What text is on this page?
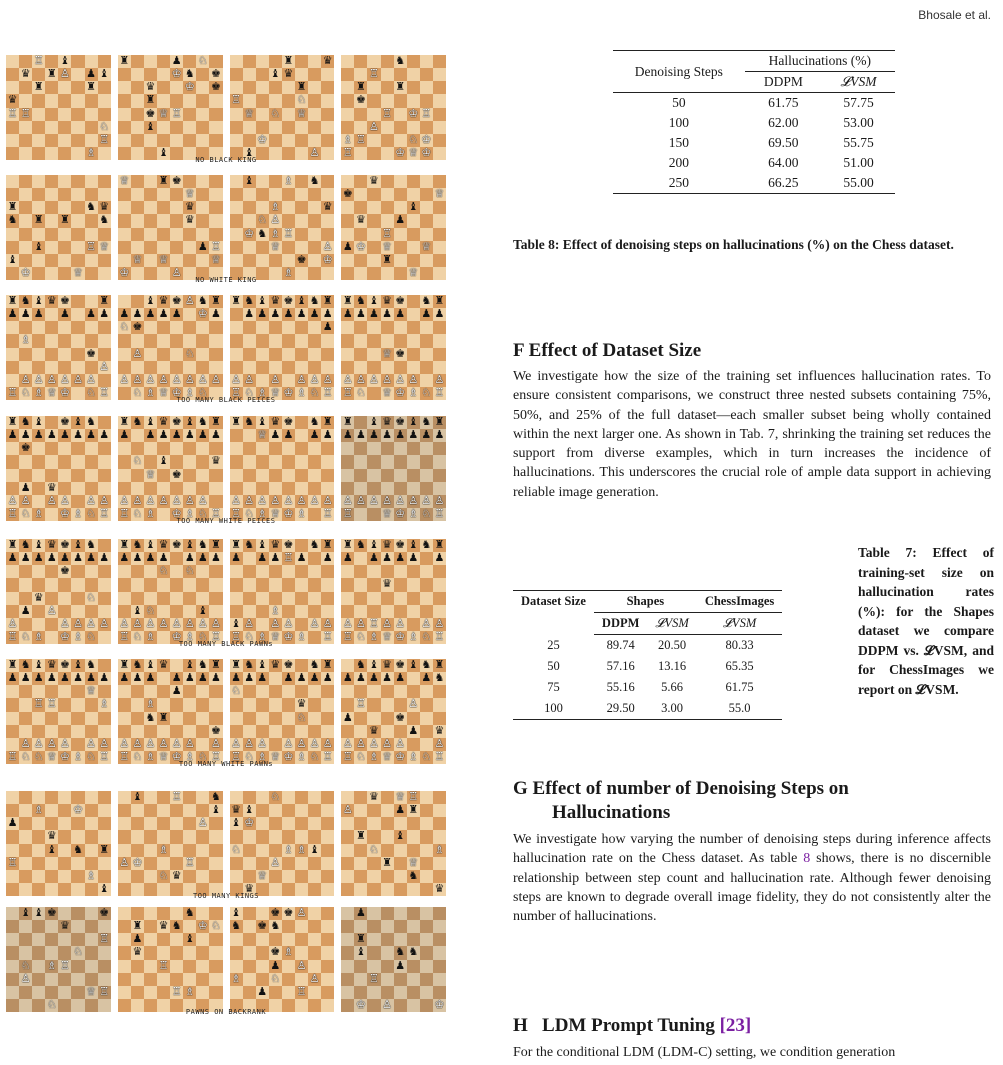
Bhosale et al.
♖ ♝
♛ ♜ ♙ ♟ ♝
♜	♜
♛
♖ ♖
♘
♖
♗
♜	♟ ♘
♔ ♞ ♚
♛	♔ ♚
♜
♚ ♕ ♖
♝
♝
♜	♛
♝ ♛
♜
♖	♘
♕ ♘ ♕
♔
♝	♙
♞
♖
♜	♜
♚
♖ ♔ ♖
♙
♗ ♖	♘ ♔
♖	♔ ♕ ♔
NO BLACK KING
♜	♞ ♛
♞ ♜ ♜	♞
♝	♖ ♕
♝
♔	♕
♕	♜ ♚
♕
♛
♛
♟ ♖
♕ ♕	♕
♔	♙
♝	♗ ♞
♗	♛
♘ ♙
♔ ♞ ♗ ♖
♕	♙
♚ ♔
♗
♛
♚	♕
♝
♛	♟
♖
♟ ♔ ♕	♕
♜
♕
NO WHITE KING
♜ ♞ ♝ ♛ ♚	♜
♟ ♟ ♟ ♟ ♟ ♟
♗
♚
♙
♙ ♙ ♙ ♙ ♙ ♙
♖ ♘ ♗ ♕ ♔ ♘ ♖
♝ ♛ ♚ ♙ ♞ ♜
♟ ♟ ♟ ♟ ♟ ♔ ♟
♘ ♚
♙	♘
♙ ♙ ♙ ♙ ♙ ♙ ♙ ♙
♘ ♗ ♕ ♔ ♗ ♘
♜ ♞ ♝ ♛ ♚ ♝ ♞ ♜
♟ ♟ ♟ ♟ ♟ ♟ ♟
♟
♙ ♙ ♙ ♙ ♙ ♙
♖ ♘ ♗ ♕ ♔ ♗ ♘ ♖
♜ ♞ ♝ ♛ ♚ ♞ ♜
♟ ♟ ♟ ♟ ♟ ♟ ♟
♕ ♚
♙ ♙ ♙ ♙ ♙ ♙ ♙
♖ ♘ ♕ ♔ ♗ ♘ ♖
TOO MANY BLACK PEICES
♜ ♞ ♝ ♚ ♝ ♞
♟ ♟ ♟ ♟ ♟ ♟ ♟ ♟
♚
♟ ♛
♙ ♙ ♙ ♙ ♙ ♙
♖ ♘ ♗ ♔ ♗ ♘ ♖
♜ ♞ ♝ ♛ ♚ ♝ ♞ ♜
♟ ♟ ♟ ♟ ♟ ♟ ♟
♘ ♝	♛
♕ ♚
♙ ♙ ♙ ♙ ♙ ♙ ♙
♖ ♘ ♗ ♔ ♗ ♘ ♖
♜ ♞ ♝ ♛ ♚ ♞ ♜
♕ ♟ ♟ ♟ ♟
♙ ♙ ♙ ♙ ♙ ♙ ♙ ♙
♖ ♘ ♗ ♕ ♔ ♗ ♖
♜ ♝ ♛ ♚ ♝ ♞ ♜
♟ ♟ ♟ ♟ ♟ ♟ ♟ ♟
♙ ♙ ♙ ♙ ♙ ♙ ♙ ♙
♖	♕ ♔ ♗ ♘ ♖
TOO MANY WHITE PEICES
♜ ♞ ♝ ♛ ♚ ♝ ♞
♟ ♟ ♟ ♟ ♟ ♟ ♟ ♟
♚
♛	♘
♟ ♙
♙	♙ ♙ ♙ ♙
♖ ♘ ♗ ♔ ♗ ♘
♜ ♞ ♝ ♛ ♚ ♝ ♞ ♜
♟ ♟ ♟ ♟ ♟ ♟ ♟
♘ ♘
♝ ♘	♝
♙ ♙ ♙ ♙ ♙ ♙ ♙ ♙
♖ ♘ ♗ ♔ ♗ ♘ ♖
♜ ♞ ♝ ♛ ♚ ♞ ♜
♟ ♟ ♟ ♖ ♟ ♟
♗
♝ ♙ ♙ ♙ ♙ ♙
♖ ♘ ♗ ♕ ♔ ♗ ♖
♜ ♞ ♝ ♛ ♚ ♝ ♞ ♜
♟ ♟ ♟ ♟ ♟ ♟
♛
♙ ♙ ♖ ♙ ♙ ♙ ♙
♖ ♘ ♗ ♕ ♔ ♗ ♘ ♖
TOO MANY BLACK PAWNs
♜ ♞ ♝ ♛ ♚ ♝ ♞
♟ ♟ ♟ ♟ ♟ ♟ ♟ ♟
♕
♖ ♖	♗
♙ ♙ ♙ ♙ ♙ ♙
♖ ♘ ♘ ♕ ♔ ♗ ♘ ♖
♜ ♞ ♝ ♛ ♝ ♞ ♜
♟ ♟ ♟ ♟ ♟ ♟ ♟
♟
♗
♞ ♜
♚
♙ ♙ ♙ ♙ ♙ ♙ ♙
♖ ♘ ♗ ♕ ♔ ♗ ♘ ♖
♜ ♞ ♝ ♛ ♚ ♞ ♜
♟ ♟ ♟ ♟ ♟ ♟ ♟
♘
♛
♘
♙ ♙ ♙ ♙ ♙ ♙ ♙
♖ ♘ ♗ ♕ ♔ ♗ ♘ ♖
♞ ♝ ♛ ♚ ♝ ♞ ♜
♟ ♟ ♟ ♟ ♟ ♟ ♞
♖	♙
♟	♚
♛	♟ ♛
♙ ♙ ♙ ♙ ♙	♙
♖ ♘ ♗ ♕ ♔ ♗ ♘ ♖
TOO MANY WHITE PAWNs
♗	♔
♟
♛
♝ ♞ ♜
♖
♗
♝
♝	♖	♞
♝
♙
♗
♙ ♔	♖
♘ ♛
♘
♛ ♝
♝ ♔
♘	♗ ♗ ♝
♙
♕
♛
♛ ♕ ♖
♙	♟ ♜
♜	♝
♘	♗
♜ ♕
♞
♛
TOO MANY KINGS
♝ ♝ ♚	♚
♛
♖
♘
♘ ♗ ♖
♙
♕ ♖
♘
♞
♜ ♛ ♞ ♔ ♘
♟	♝
♛
♖
♖ ♗
♝	♚ ♚ ♙
♞ ♚ ♞
♚ ♗
♟ ♙
♗	♘	♙
♟	♖
♟
♜
♝	♞ ♞
♟
♖
♔ ♙	♔
PAWNS ON BACKRANK
Denoising Steps	Hallucinations (%)	
	DDPM	𝓛VSM
50	61.75	57.75
100	62.00	53.00
150	69.50	55.75
200	64.00	51.00
250	66.25	55.00
Table 8: Effect of denoising steps on hallucinations (%) on the Chess dataset.
F Effect of Dataset Size
We investigate how the size of the training set influences hallucination rates. To ensure consistent comparisons, we construct three nested subsets containing 75%, 50%, and 25% of the full dataset—each smaller subset being wholly contained within the next larger one. As shown in Tab. 7, shrinking the training set reduces the support from diverse examples, which in turn increases the incidence of hallucinations. This underscores the crucial role of ample data support in achieving reliable image generation.
Dataset Size	Shapes		ChessImages
	DDPM	𝓛VSM	𝓛VSM
25	89.74	20.50	80.33
50	57.16	13.16	65.35
75	55.16	5.66	61.75
100	29.50	3.00	55.0
Table 7: Effect of training-set size on hallucination rates (%): for the Shapes dataset we compare DDPM vs. 𝓛VSM, and for ChessImages we report on 𝓛VSM.
G Effect of number of Denoising Steps on
Hallucinations
We investigate how varying the number of denoising steps during inference affects hallucination rate on the Chess dataset. As table 8 shows, there is no discernible relationship between step count and hallucination rate. Although fewer denoising steps are known to degrade overall image fidelity, they do not consistently alter the number of hallucinations.
H   LDM Prompt Tuning [23]
For the conditional LDM (LDM-C) setting, we condition generation
